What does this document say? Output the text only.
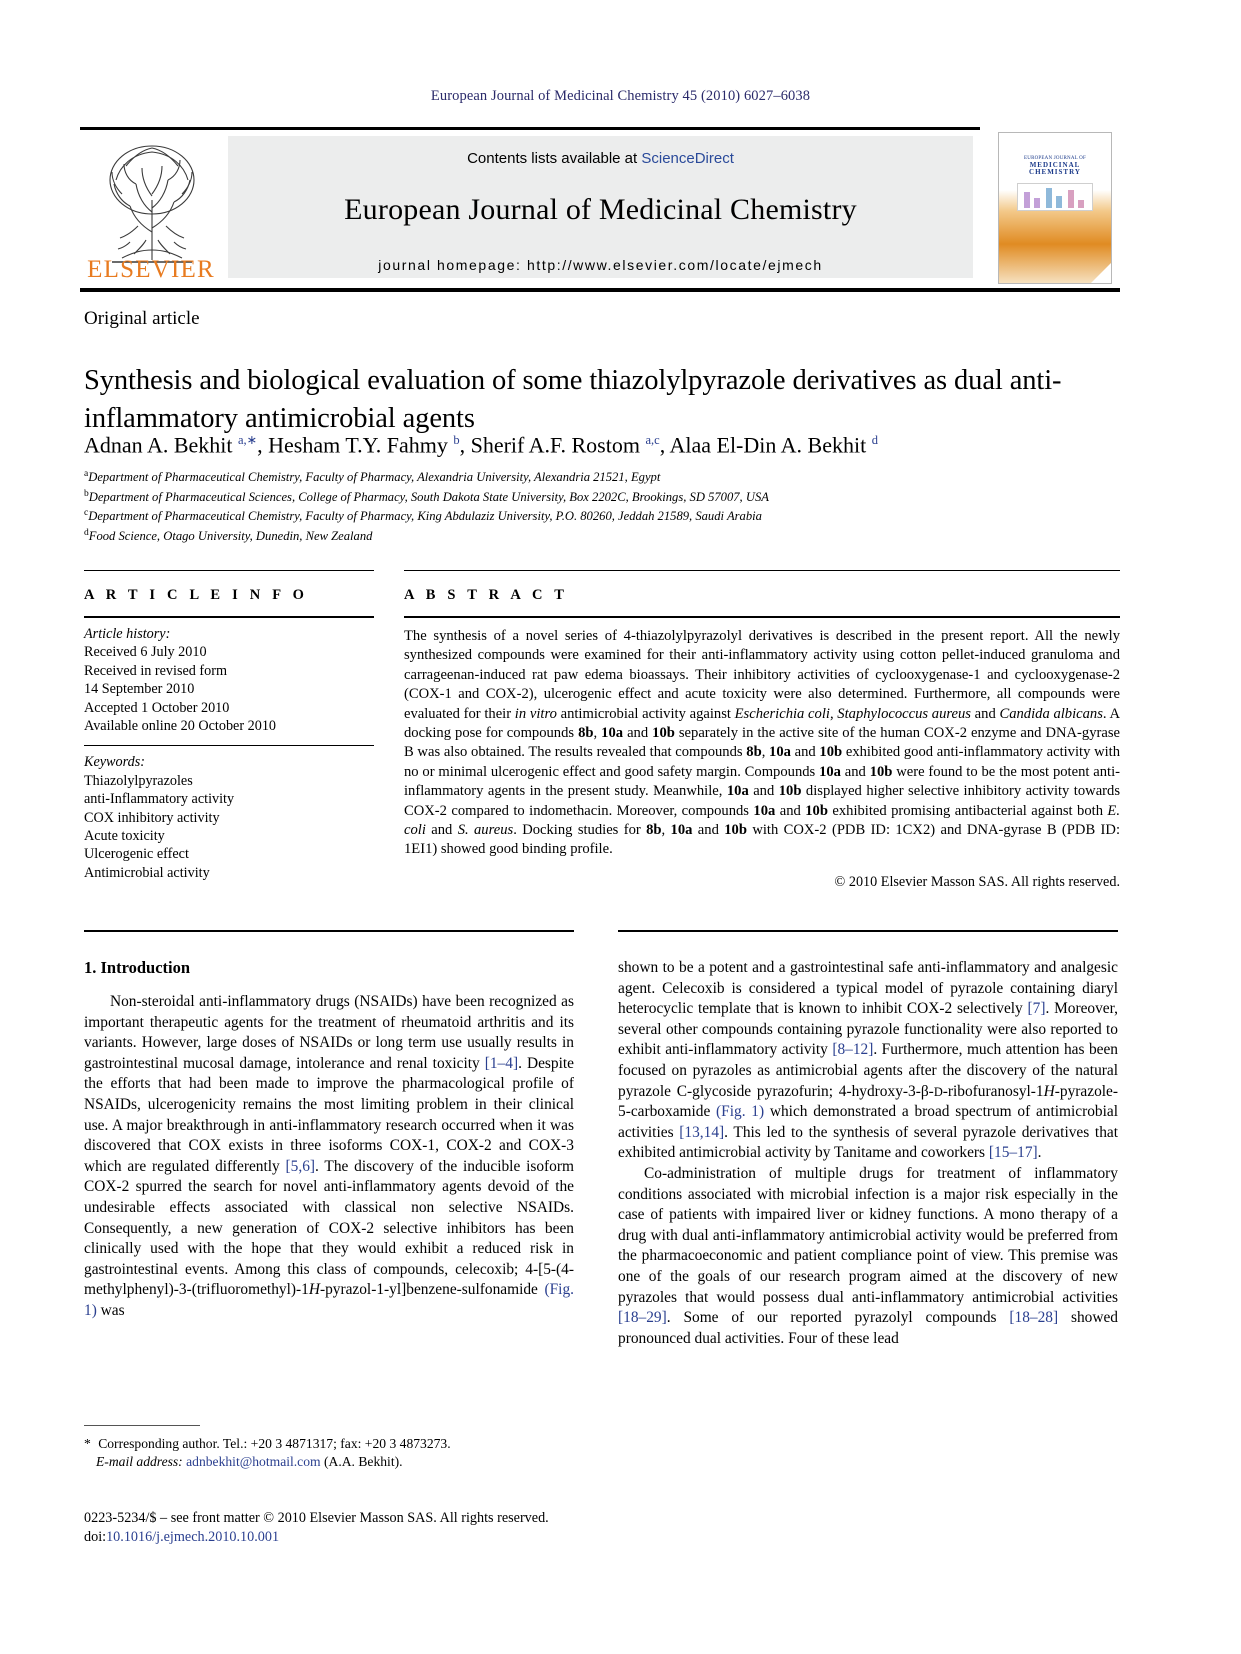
European Journal of Medicinal Chemistry 45 (2010) 6027–6038
ELSEVIER
Contents lists available at ScienceDirect
European Journal of Medicinal Chemistry
journal homepage: http://www.elsevier.com/locate/ejmech
EUROPEAN JOURNAL OF
MEDICINAL
CHEMISTRY
Original article
Synthesis and biological evaluation of some thiazolylpyrazole derivatives as dual anti-inflammatory antimicrobial agents
Adnan A. Bekhit $^{a,∗}$, Hesham T.Y. Fahmy $^b$, Sherif A.F. Rostom $^{a,c}$, Alaa El-Din A. Bekhit $^d$
$^a$Department of Pharmaceutical Chemistry, Faculty of Pharmacy, Alexandria University, Alexandria 21521, Egypt
$^b$Department of Pharmaceutical Sciences, College of Pharmacy, South Dakota State University, Box 2202C, Brookings, SD 57007, USA
$^c$Department of Pharmaceutical Chemistry, Faculty of Pharmacy, King Abdulaziz University, P.O. 80260, Jeddah 21589, Saudi Arabia
$^d$Food Science, Otago University, Dunedin, New Zealand
A R T I C L E I N F O
Article history:
Received 6 July 2010
Received in revised form
14 September 2010
Accepted 1 October 2010
Available online 20 October 2010
Keywords:
Thiazolylpyrazoles
anti-Inflammatory activity
COX inhibitory activity
Acute toxicity
Ulcerogenic effect
Antimicrobial activity
A B S T R A C T
The synthesis of a novel series of 4-thiazolylpyrazolyl derivatives is described in the present report. All the newly synthesized compounds were examined for their anti-inflammatory activity using cotton pellet-induced granuloma and carrageenan-induced rat paw edema bioassays. Their inhibitory activities of cyclooxygenase-1 and cyclooxygenase-2 (COX-1 and COX-2), ulcerogenic effect and acute toxicity were also determined. Furthermore, all compounds were evaluated for their in vitro antimicrobial activity against Escherichia coli, Staphylococcus aureus and Candida albicans. A docking pose for compounds 8b, 10a and 10b separately in the active site of the human COX-2 enzyme and DNA-gyrase B was also obtained. The results revealed that compounds 8b, 10a and 10b exhibited good anti-inflammatory activity with no or minimal ulcerogenic effect and good safety margin. Compounds 10a and 10b were found to be the most potent anti-inflammatory agents in the present study. Meanwhile, 10a and 10b displayed higher selective inhibitory activity towards COX-2 compared to indomethacin. Moreover, compounds 10a and 10b exhibited promising antibacterial against both E. coli and S. aureus. Docking studies for 8b, 10a and 10b with COX-2 (PDB ID: 1CX2) and DNA-gyrase B (PDB ID: 1EI1) showed good binding profile.
© 2010 Elsevier Masson SAS. All rights reserved.
1. Introduction

Non-steroidal anti-inflammatory drugs (NSAIDs) have been recognized as important therapeutic agents for the treatment of rheumatoid arthritis and its variants. However, large doses of NSAIDs or long term use usually results in gastrointestinal mucosal damage, intolerance and renal toxicity [1–4]. Despite the efforts that had been made to improve the pharmacological profile of NSAIDs, ulcerogenicity remains the most limiting problem in their clinical use. A major breakthrough in anti-inflammatory research occurred when it was discovered that COX exists in three isoforms COX-1, COX-2 and COX-3 which are regulated differently [5,6]. The discovery of the inducible isoform COX-2 spurred the search for novel anti-inflammatory agents devoid of the undesirable effects associated with classical non selective NSAIDs. Consequently, a new generation of COX-2 selective inhibitors has been clinically used with the hope that they would exhibit a reduced risk in gastrointestinal events. Among this class of compounds, celecoxib; 4-[5-(4-methylphenyl)-3-(trifluoromethyl)-1H-pyrazol-1-yl]benzene-sulfonamide (Fig. 1) was

shown to be a potent and a gastrointestinal safe anti-inflammatory and analgesic agent. Celecoxib is considered a typical model of pyrazole containing diaryl heterocyclic template that is known to inhibit COX-2 selectively [7]. Moreover, several other compounds containing pyrazole functionality were also reported to exhibit anti-inflammatory activity [8–12]. Furthermore, much attention has been focused on pyrazoles as antimicrobial agents after the discovery of the natural pyrazole C-glycoside pyrazofurin; 4-hydroxy-3-β-D-ribofuranosyl-1H-pyrazole-5-carboxamide (Fig. 1) which demonstrated a broad spectrum of antimicrobial activities [13,14]. This led to the synthesis of several pyrazole derivatives that exhibited antimicrobial activity by Tanitame and coworkers [15–17].

Co-administration of multiple drugs for treatment of inflammatory conditions associated with microbial infection is a major risk especially in the case of patients with impaired liver or kidney functions. A mono therapy of a drug with dual anti-inflammatory antimicrobial activity would be preferred from the pharmacoeconomic and patient compliance point of view. This premise was one of the goals of our research program aimed at the discovery of new pyrazoles that would possess dual anti-inflammatory antimicrobial activities [18–29]. Some of our reported pyrazolyl compounds [18–28] showed pronounced dual activities. Four of these lead

* Corresponding author. Tel.: +20 3 4871317; fax: +20 3 4873273.
E-mail address: adnbekhit@hotmail.com (A.A. Bekhit).
0223-5234/$ – see front matter © 2010 Elsevier Masson SAS. All rights reserved.
doi:10.1016/j.ejmech.2010.10.001
